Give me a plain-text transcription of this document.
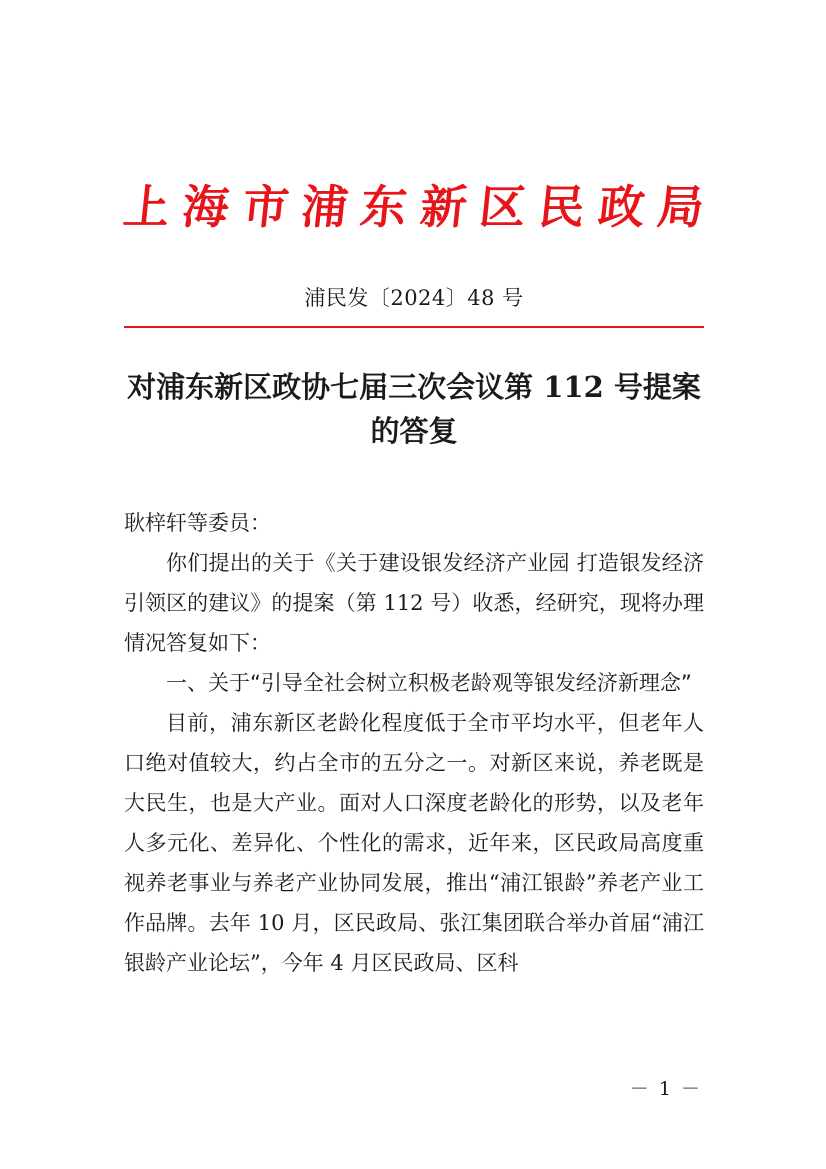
上 海 市 浦 东 新 区 民 政 局
浦民发〔2024〕48 号
对浦东新区政协七届三次会议第 112 号提案
的答复

耿梓轩等委员：

你们提出的关于《关于建设银发经济产业园 打造银发经济引领区的建议》的提案（第 112 号）收悉，经研究，现将办理情况答复如下：

一、关于“引导全社会树立积极老龄观等银发经济新理念”

目前，浦东新区老龄化程度低于全市平均水平，但老年人口绝对值较大，约占全市的五分之一。对新区来说，养老既是大民生，也是大产业。面对人口深度老龄化的形势，以及老年人多元化、差异化、个性化的需求，近年来，区民政局高度重视养老事业与养老产业协同发展，推出“浦江银龄”养老产业工作品牌。去年 10 月，区民政局、张江集团联合举办首届“浦江银龄产业论坛”，今年 4 月区民政局、区科

－ 1 －
